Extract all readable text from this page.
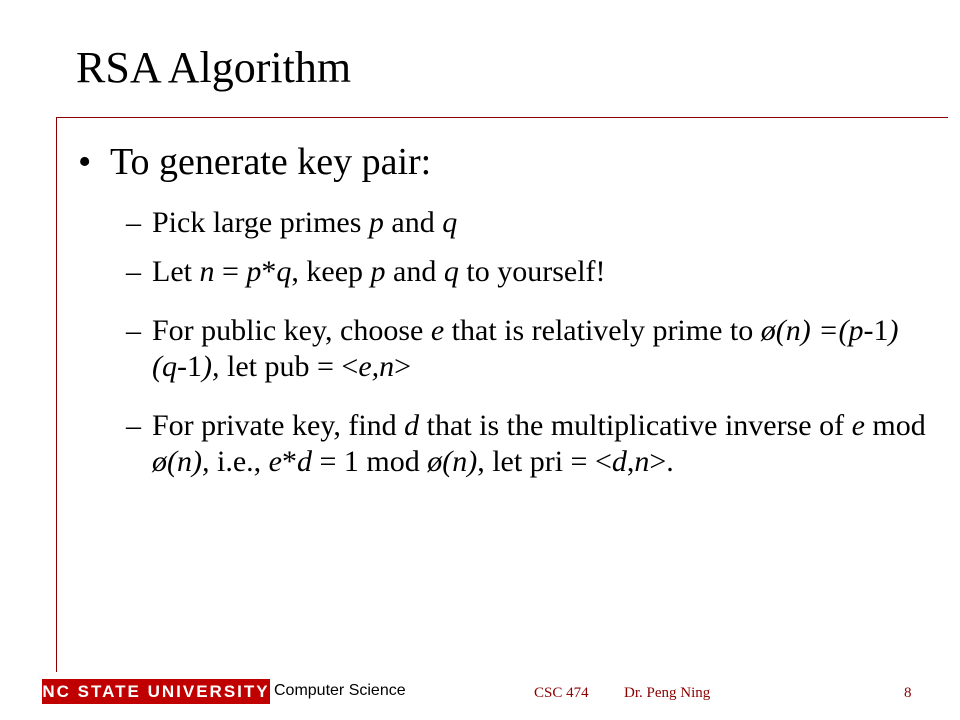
RSA Algorithm
• To generate key pair:
– Pick large primes p and q
– Let n = p*q, keep p and q to yourself!
– For public key, choose e that is relatively prime to ø(n) =(p-1)(q-1), let pub = <e,n>
– For private key, find d that is the multiplicative inverse of e mod ø(n), i.e., e*d = 1 mod ø(n), let pri = <d,n>.
NC STATE UNIVERSITY Computer Science	CSC 474 Dr. Peng Ning	8
